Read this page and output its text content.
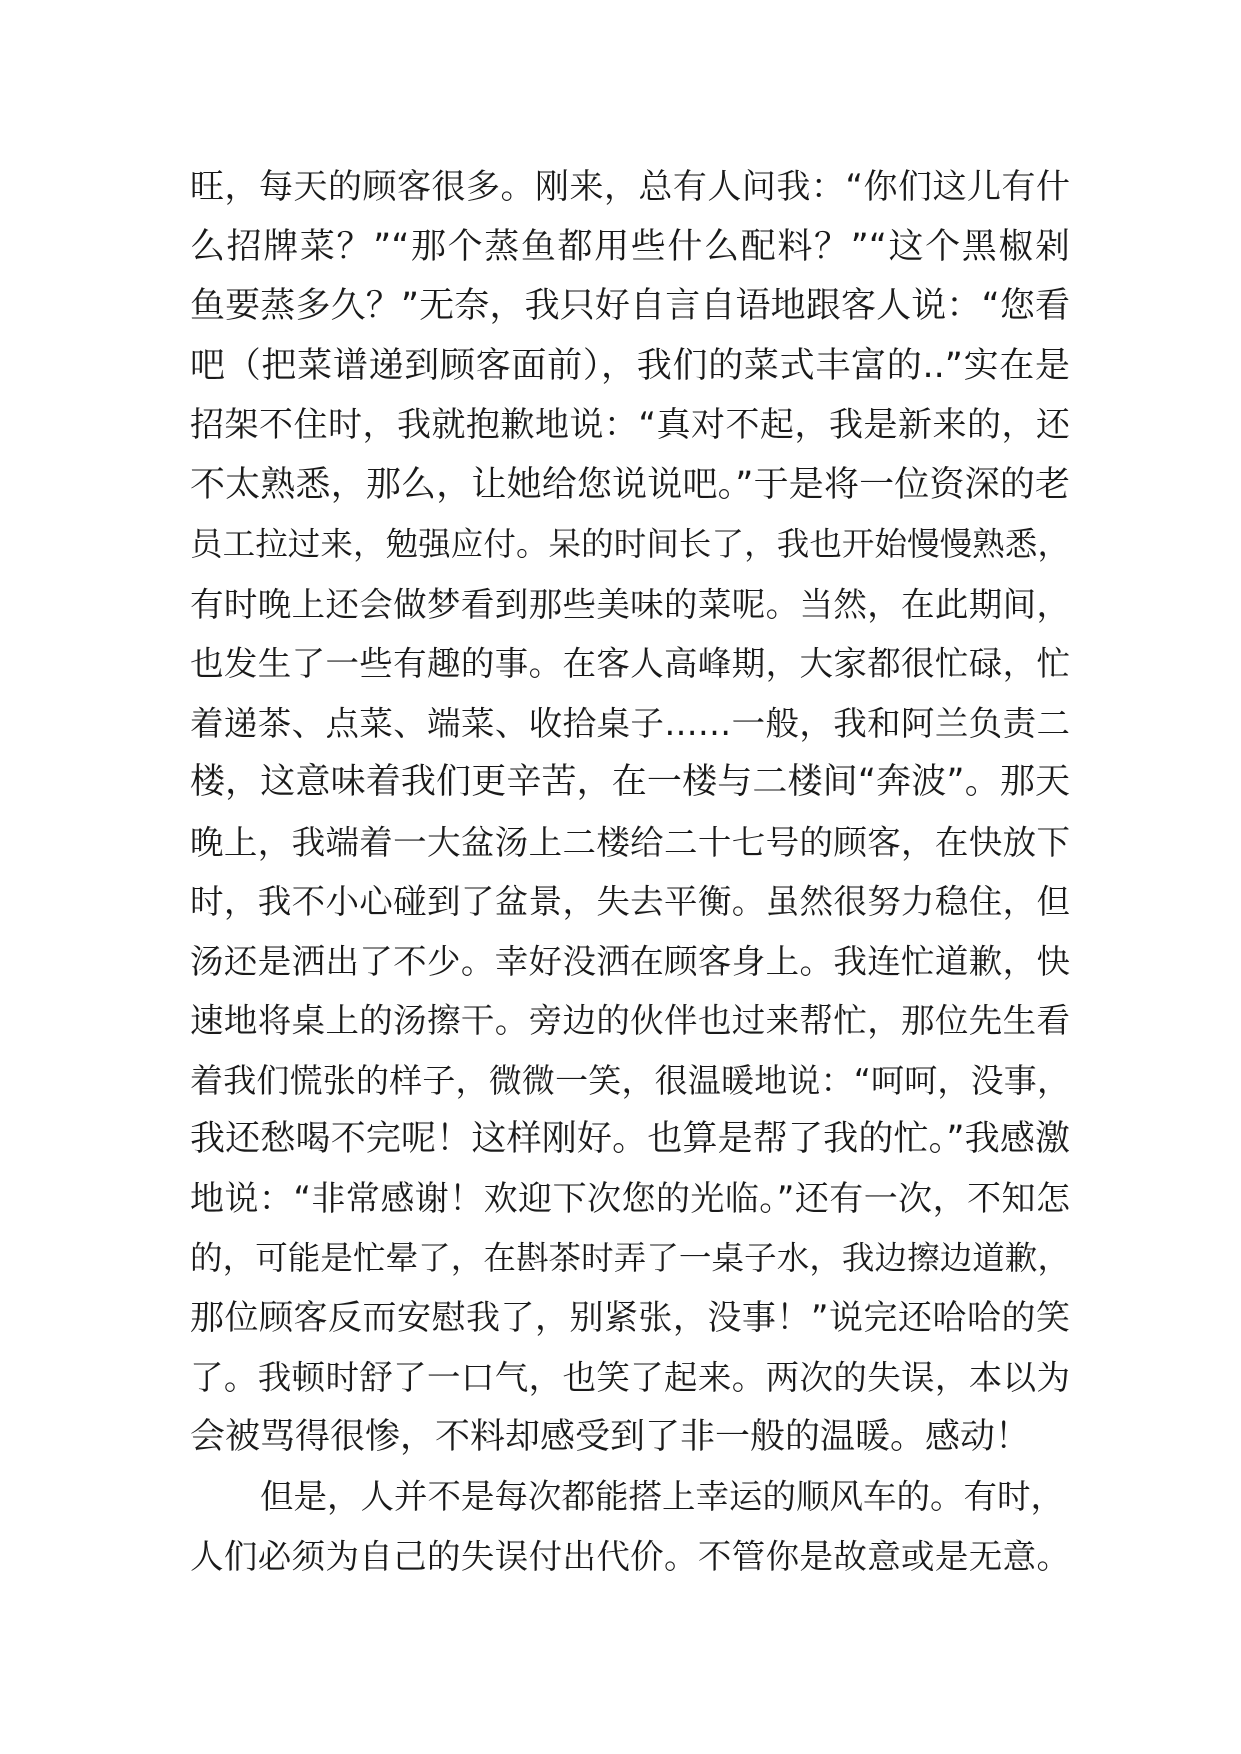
旺，每天的顾客很多。刚来，总有人问我：“你们这儿有什
么招牌菜？”“那个蒸鱼都用些什么配料？”“这个黑椒剁
鱼要蒸多久？”无奈，我只好自言自语地跟客人说：“您看
吧（把菜谱递到顾客面前），我们的菜式丰富的..”实在是
招架不住时，我就抱歉地说：“真对不起，我是新来的，还
不太熟悉，那么，让她给您说说吧。”于是将一位资深的老
员工拉过来，勉强应付。呆的时间长了，我也开始慢慢熟悉，
有时晚上还会做梦看到那些美味的菜呢。当然，在此期间，
也发生了一些有趣的事。在客人高峰期，大家都很忙碌，忙
着递茶、点菜、端菜、收拾桌子……一般，我和阿兰负责二
楼，这意味着我们更辛苦，在一楼与二楼间“奔波”。那天
晚上，我端着一大盆汤上二楼给二十七号的顾客，在快放下
时，我不小心碰到了盆景，失去平衡。虽然很努力稳住，但
汤还是洒出了不少。幸好没洒在顾客身上。我连忙道歉，快
速地将桌上的汤擦干。旁边的伙伴也过来帮忙，那位先生看
着我们慌张的样子，微微一笑，很温暖地说：“呵呵，没事，
我还愁喝不完呢！这样刚好。也算是帮了我的忙。”我感激
地说：“非常感谢！欢迎下次您的光临。”还有一次，不知怎
的，可能是忙晕了，在斟茶时弄了一桌子水，我边擦边道歉，
那位顾客反而安慰我了，别紧张，没事！”说完还哈哈的笑
了。我顿时舒了一口气，也笑了起来。两次的失误，本以为
会被骂得很惨，不料却感受到了非一般的温暖。感动！
但是，人并不是每次都能搭上幸运的顺风车的。有时，
人们必须为自己的失误付出代价。不管你是故意或是无意。
